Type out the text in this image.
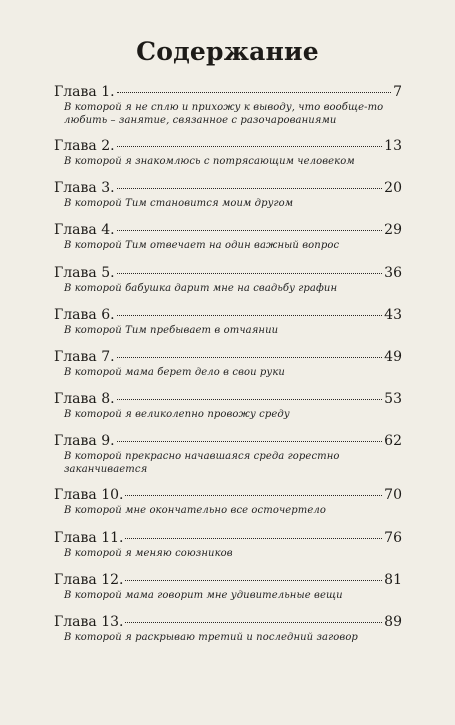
Содержание
Глава 1.	7
В которой я не сплю и прихожу к выводу, что вообще-то любить – занятие, связанное с разочарованиями
Глава 2.	13
В которой я знакомлюсь с потрясающим человеком
Глава 3.	20
В которой Тим становится моим другом
Глава 4.	29
В которой Тим отвечает на один важный вопрос
Глава 5.	36
В которой бабушка дарит мне на свадьбу графин
Глава 6.	43
В которой Тим пребывает в отчаянии
Глава 7.	49
В которой мама берет дело в свои руки
Глава 8.	53
В которой я великолепно провожу среду
Глава 9.	62
В которой прекрасно начавшаяся среда горестно заканчивается
Глава 10.	70
В которой мне окончательно все осточертело
Глава 11.	76
В которой я меняю союзников
Глава 12.	81
В которой мама говорит мне удивительные вещи
Глава 13.	89
В которой я раскрываю третий и последний заговор
